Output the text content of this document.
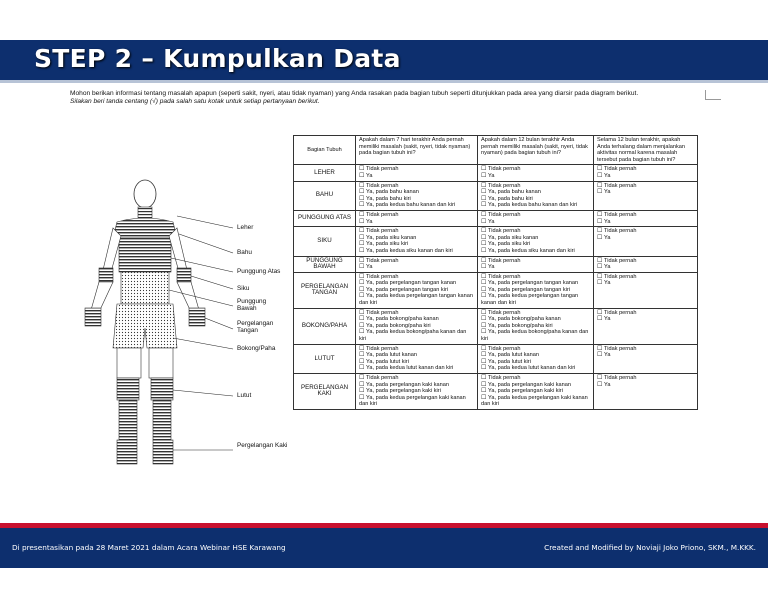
STEP 2 – Kumpulkan Data
Mohon berikan informasi tentang masalah apapun (seperti sakit, nyeri, atau tidak nyaman) yang Anda rasakan pada bagian tubuh seperti ditunjukkan pada area yang diarsir pada diagram berikut.
Silakan beri tanda centang (√) pada salah satu kotak untuk setiap pertanyaan berikut.
Leher
Bahu
Punggung Atas
Siku
Punggung Bawah
Pergelangan Tangan
Bokong/Paha
Lutut
Pergelangan Kaki
Bagian Tubuh	Apakah dalam 7 hari terakhir Anda pernah memiliki masalah (sakit, nyeri, tidak nyaman) pada bagian tubuh ini?	Apakah dalam 12 bulan terakhir Anda pernah memiliki masalah (sakit, nyeri, tidak nyaman) pada bagian tubuh ini?	Selama 12 bulan terakhir, apakah Anda terhalang dalam menjalankan aktivitas normal karena masalah tersebut pada bagian tubuh ini?
LEHER	☐ Tidak pernah
☐ Ya	☐ Tidak pernah
☐ Ya	☐ Tidak pernah
☐ Ya

BAHU	☐ Tidak pernah
☐ Ya, pada bahu kanan
☐ Ya, pada bahu kiri
☐ Ya, pada kedua bahu kanan dan kiri	☐ Tidak pernah
☐ Ya, pada bahu kanan
☐ Ya, pada bahu kiri
☐ Ya, pada kedua bahu kanan dan kiri	☐ Tidak pernah
☐ Ya

PUNGGUNG ATAS	☐ Tidak pernah
☐ Ya	☐ Tidak pernah
☐ Ya	☐ Tidak pernah
☐ Ya

SIKU	☐ Tidak pernah
☐ Ya, pada siku kanan
☐ Ya, pada siku kiri
☐ Ya, pada kedua siku kanan dan kiri	☐ Tidak pernah
☐ Ya, pada siku kanan
☐ Ya, pada siku kiri
☐ Ya, pada kedua siku kanan dan kiri	☐ Tidak pernah
☐ Ya

PUNGGUNG BAWAH	☐ Tidak pernah
☐ Ya	☐ Tidak pernah
☐ Ya	☐ Tidak pernah
☐ Ya

PERGELANGAN TANGAN	☐ Tidak pernah
☐ Ya, pada pergelangan tangan kanan
☐ Ya, pada pergelangan tangan kiri
☐ Ya, pada kedua pergelangan tangan kanan dan kiri	☐ Tidak pernah
☐ Ya, pada pergelangan tangan kanan
☐ Ya, pada pergelangan tangan kiri
☐ Ya, pada kedua pergelangan tangan kanan dan kiri	☐ Tidak pernah
☐ Ya

BOKONG/PAHA	☐ Tidak pernah
☐ Ya, pada bokong/paha kanan
☐ Ya, pada bokong/paha kiri
☐ Ya, pada kedua bokong/paha kanan dan kiri	☐ Tidak pernah
☐ Ya, pada bokong/paha kanan
☐ Ya, pada bokong/paha kiri
☐ Ya, pada kedua bokong/paha kanan dan kiri	☐ Tidak pernah
☐ Ya

LUTUT	☐ Tidak pernah
☐ Ya, pada lutut kanan
☐ Ya, pada lutut kiri
☐ Ya, pada kedua lutut kanan dan kiri	☐ Tidak pernah
☐ Ya, pada lutut kanan
☐ Ya, pada lutut kiri
☐ Ya, pada kedua lutut kanan dan kiri	☐ Tidak pernah
☐ Ya

PERGELANGAN KAKI	☐ Tidak pernah
☐ Ya, pada pergelangan kaki kanan
☐ Ya, pada pergelangan kaki kiri
☐ Ya, pada kedua pergelangan kaki kanan dan kiri	☐ Tidak pernah
☐ Ya, pada pergelangan kaki kanan
☐ Ya, pada pergelangan kaki kiri
☐ Ya, pada kedua pergelangan kaki kanan dan kiri	☐ Tidak pernah
☐ Ya
Di presentasikan pada 28 Maret 2021 dalam Acara Webinar HSE Karawang	Created and Modified by Noviaji Joko Priono, SKM., M.KKK.
